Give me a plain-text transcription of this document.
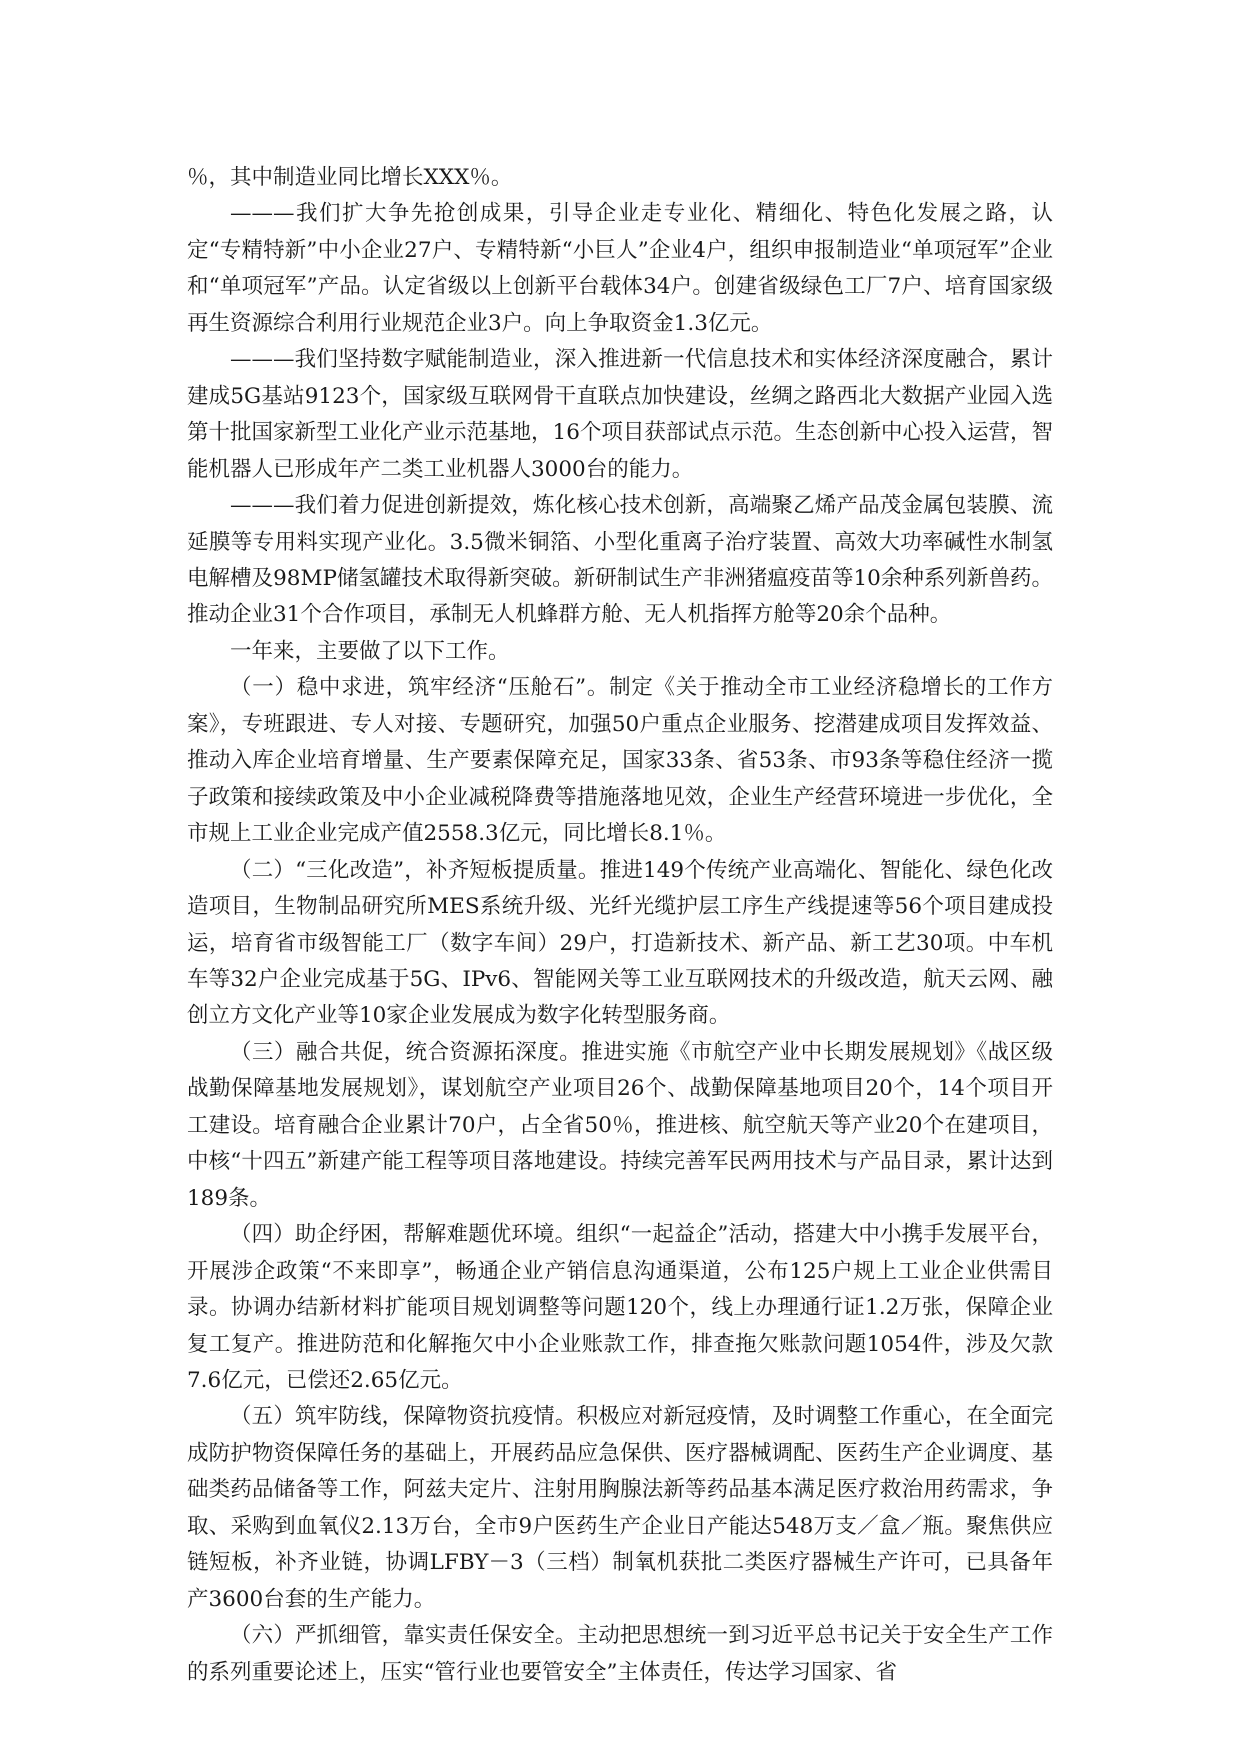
％，其中制造业同比增长XXX％。

———我们扩大争先抢创成果，引导企业走专业化、精细化、特色化发展之路，认定“专精特新”中小企业27户、专精特新“小巨人”企业4户，组织申报制造业“单项冠军”企业和“单项冠军”产品。认定省级以上创新平台载体34户。创建省级绿色工厂7户、培育国家级再生资源综合利用行业规范企业3户。向上争取资金1.3亿元。

———我们坚持数字赋能制造业，深入推进新一代信息技术和实体经济深度融合，累计建成5G基站9123个，国家级互联网骨干直联点加快建设，丝绸之路西北大数据产业园入选第十批国家新型工业化产业示范基地，16个项目获部试点示范。生态创新中心投入运营，智能机器人已形成年产二类工业机器人3000台的能力。

———我们着力促进创新提效，炼化核心技术创新，高端聚乙烯产品茂金属包装膜、流延膜等专用料实现产业化。3.5微米铜箔、小型化重离子治疗装置、高效大功率碱性水制氢电解槽及98MP储氢罐技术取得新突破。新研制试生产非洲猪瘟疫苗等10余种系列新兽药。推动企业31个合作项目，承制无人机蜂群方舱、无人机指挥方舱等20余个品种。

一年来，主要做了以下工作。

（一）稳中求进，筑牢经济“压舱石”。制定《关于推动全市工业经济稳增长的工作方案》，专班跟进、专人对接、专题研究，加强50户重点企业服务、挖潜建成项目发挥效益、推动入库企业培育增量、生产要素保障充足，国家33条、省53条、市93条等稳住经济一揽子政策和接续政策及中小企业减税降费等措施落地见效，企业生产经营环境进一步优化，全市规上工业企业完成产值2558.3亿元，同比增长8.1％。

（二）“三化改造”，补齐短板提质量。推进149个传统产业高端化、智能化、绿色化改造项目，生物制品研究所MES系统升级、光纤光缆护层工序生产线提速等56个项目建成投运，培育省市级智能工厂（数字车间）29户，打造新技术、新产品、新工艺30项。中车机车等32户企业完成基于5G、IPv6、智能网关等工业互联网技术的升级改造，航天云网、融创立方文化产业等10家企业发展成为数字化转型服务商。

（三）融合共促，统合资源拓深度。推进实施《市航空产业中长期发展规划》《战区级战勤保障基地发展规划》，谋划航空产业项目26个、战勤保障基地项目20个，14个项目开工建设。培育融合企业累计70户，占全省50％，推进核、航空航天等产业20个在建项目，中核“十四五”新建产能工程等项目落地建设。持续完善军民两用技术与产品目录，累计达到189条。

（四）助企纾困，帮解难题优环境。组织“一起益企”活动，搭建大中小携手发展平台，开展涉企政策“不来即享”，畅通企业产销信息沟通渠道，公布125户规上工业企业供需目录。协调办结新材料扩能项目规划调整等问题120个，线上办理通行证1.2万张，保障企业复工复产。推进防范和化解拖欠中小企业账款工作，排查拖欠账款问题1054件，涉及欠款7.6亿元，已偿还2.65亿元。

（五）筑牢防线，保障物资抗疫情。积极应对新冠疫情，及时调整工作重心，在全面完成防护物资保障任务的基础上，开展药品应急保供、医疗器械调配、医药生产企业调度、基础类药品储备等工作，阿兹夫定片、注射用胸腺法新等药品基本满足医疗救治用药需求，争取、采购到血氧仪2.13万台，全市9户医药生产企业日产能达548万支／盒／瓶。聚焦供应链短板，补齐业链，协调LFBY－3（三档）制氧机获批二类医疗器械生产许可，已具备年产3600台套的生产能力。

（六）严抓细管，靠实责任保安全。主动把思想统一到习近平总书记关于安全生产工作的系列重要论述上，压实“管行业也要管安全”主体责任，传达学习国家、省
